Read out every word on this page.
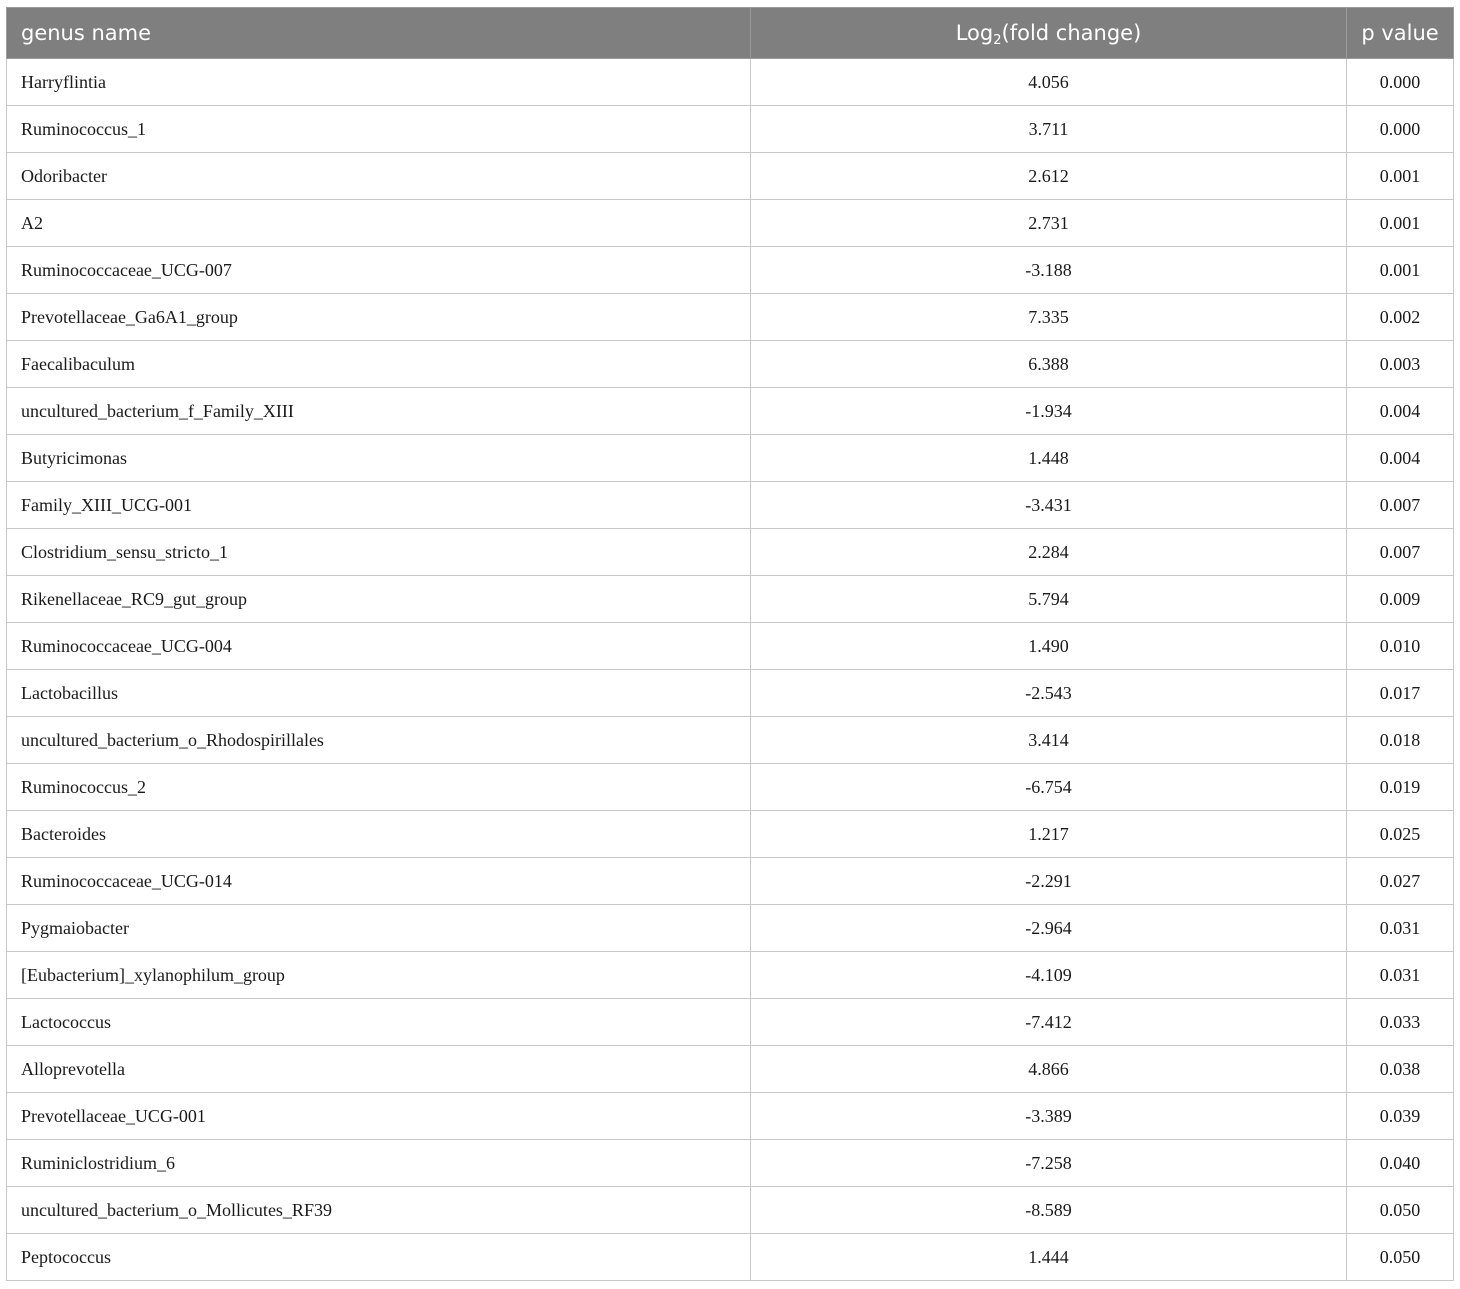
genus name	Log$_2$(fold change)	p value
Harryflintia	4.056	0.000
Ruminococcus_1	3.711	0.000
Odoribacter	2.612	0.001
A2	2.731	0.001
Ruminococcaceae_UCG-007	-3.188	0.001
Prevotellaceae_Ga6A1_group	7.335	0.002
Faecalibaculum	6.388	0.003
uncultured_bacterium_f_Family_XIII	-1.934	0.004
Butyricimonas	1.448	0.004
Family_XIII_UCG-001	-3.431	0.007
Clostridium_sensu_stricto_1	2.284	0.007
Rikenellaceae_RC9_gut_group	5.794	0.009
Ruminococcaceae_UCG-004	1.490	0.010
Lactobacillus	-2.543	0.017
uncultured_bacterium_o_Rhodospirillales	3.414	0.018
Ruminococcus_2	-6.754	0.019
Bacteroides	1.217	0.025
Ruminococcaceae_UCG-014	-2.291	0.027
Pygmaiobacter	-2.964	0.031
[Eubacterium]_xylanophilum_group	-4.109	0.031
Lactococcus	-7.412	0.033
Alloprevotella	4.866	0.038
Prevotellaceae_UCG-001	-3.389	0.039
Ruminiclostridium_6	-7.258	0.040
uncultured_bacterium_o_Mollicutes_RF39	-8.589	0.050
Peptococcus	1.444	0.050
